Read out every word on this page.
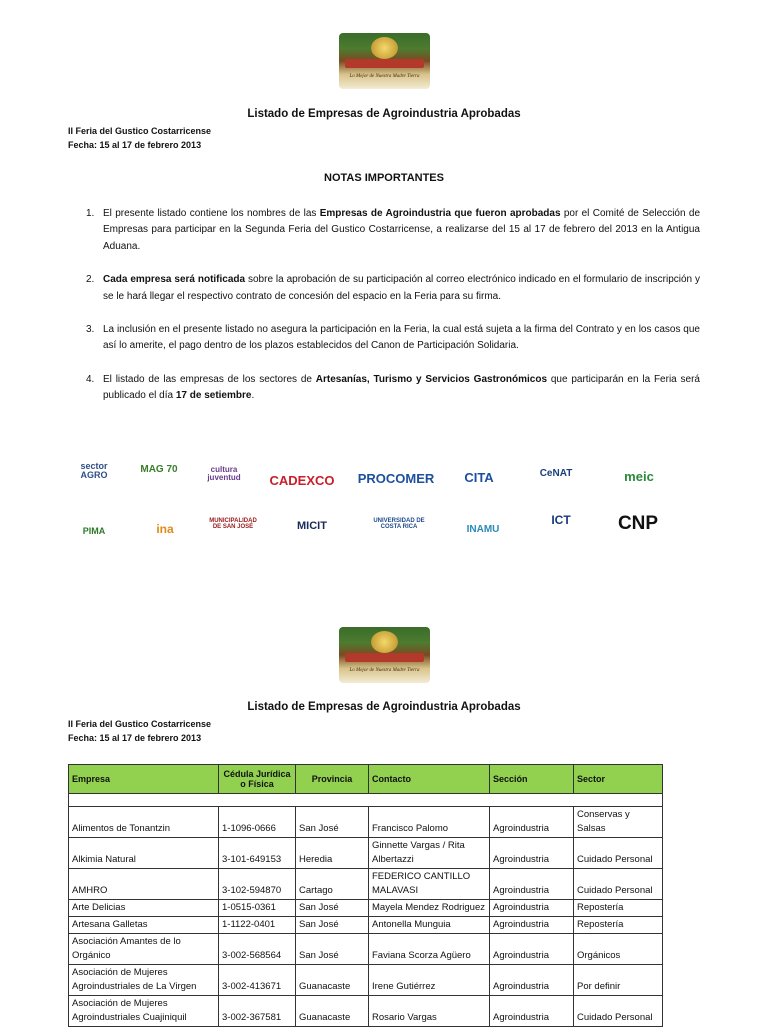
Lo Mejor de Nuestra Madre Tierra
Listado de Empresas de Agroindustria Aprobadas
II Feria del Gustico Costarricense
Fecha: 15 al 17 de febrero 2013
NOTAS IMPORTANTES
1. El presente listado contiene los nombres de las Empresas de Agroindustria que fueron aprobadas por el Comité de Selección de Empresas para participar en la Segunda Feria del Gustico Costarricense, a realizarse del 15 al 17 de febrero del 2013 en la Antigua Aduana.
2. Cada empresa será notificada sobre la aprobación de su participación al correo electrónico indicado en el formulario de inscripción y se le hará llegar el respectivo contrato de concesión del espacio en la Feria para su firma.
3. La inclusión en el presente listado no asegura la participación en la Feria, la cual está sujeta a la firma del Contrato y en los casos que así lo amerite, el pago dentro de los plazos establecidos del Canon de Participación Solidaria.
4. El listado de las empresas de los sectores de Artesanías, Turismo y Servicios Gastronómicos que participarán en la Feria será publicado el día 17 de setiembre.
sector AGRO	MAG 70	cultura juventud	CADEXCO	PROCOMER	CITA	CeNAT	meic
PIMA	ina
MUNICIPALIDAD DE SAN JOSÉ	MICIT	UNIVERSIDAD DE COSTA RICA	INAMU
ICT	CNP
Lo Mejor de Nuestra Madre Tierra
Listado de Empresas de Agroindustria Aprobadas
II Feria del Gustico Costarricense
Fecha: 15 al 17 de febrero 2013
Empresa	Cédula Jurídica o Física	Provincia	Contacto	Sección	Sector

Alimentos de Tonantzin	1-1096-0666	San José	Francisco Palomo	Agroindustria	Conservas y Salsas
Alkimia Natural	3-101-649153	Heredia	Ginnette Vargas / Rita Albertazzi	Agroindustria	Cuidado Personal
AMHRO	3-102-594870	Cartago	FEDERICO CANTILLO MALAVASI	Agroindustria	Cuidado Personal
Arte Delicias	1-0515-0361	San José	Mayela Mendez Rodriguez	Agroindustria	Repostería
Artesana Galletas	1-1122-0401	San José	Antonella Munguia	Agroindustria	Repostería
Asociación Amantes de lo Orgánico	3-002-568564	San José	Faviana Scorza Agüero	Agroindustria	Orgánicos
Asociación de Mujeres Agroindustriales de La Virgen	3-002-413671	Guanacaste	Irene Gutiérrez	Agroindustria	Por definir
Asociación de Mujeres Agroindustriales Cuajiniquil	3-002-367581	Guanacaste	Rosario Vargas	Agroindustria	Cuidado Personal
